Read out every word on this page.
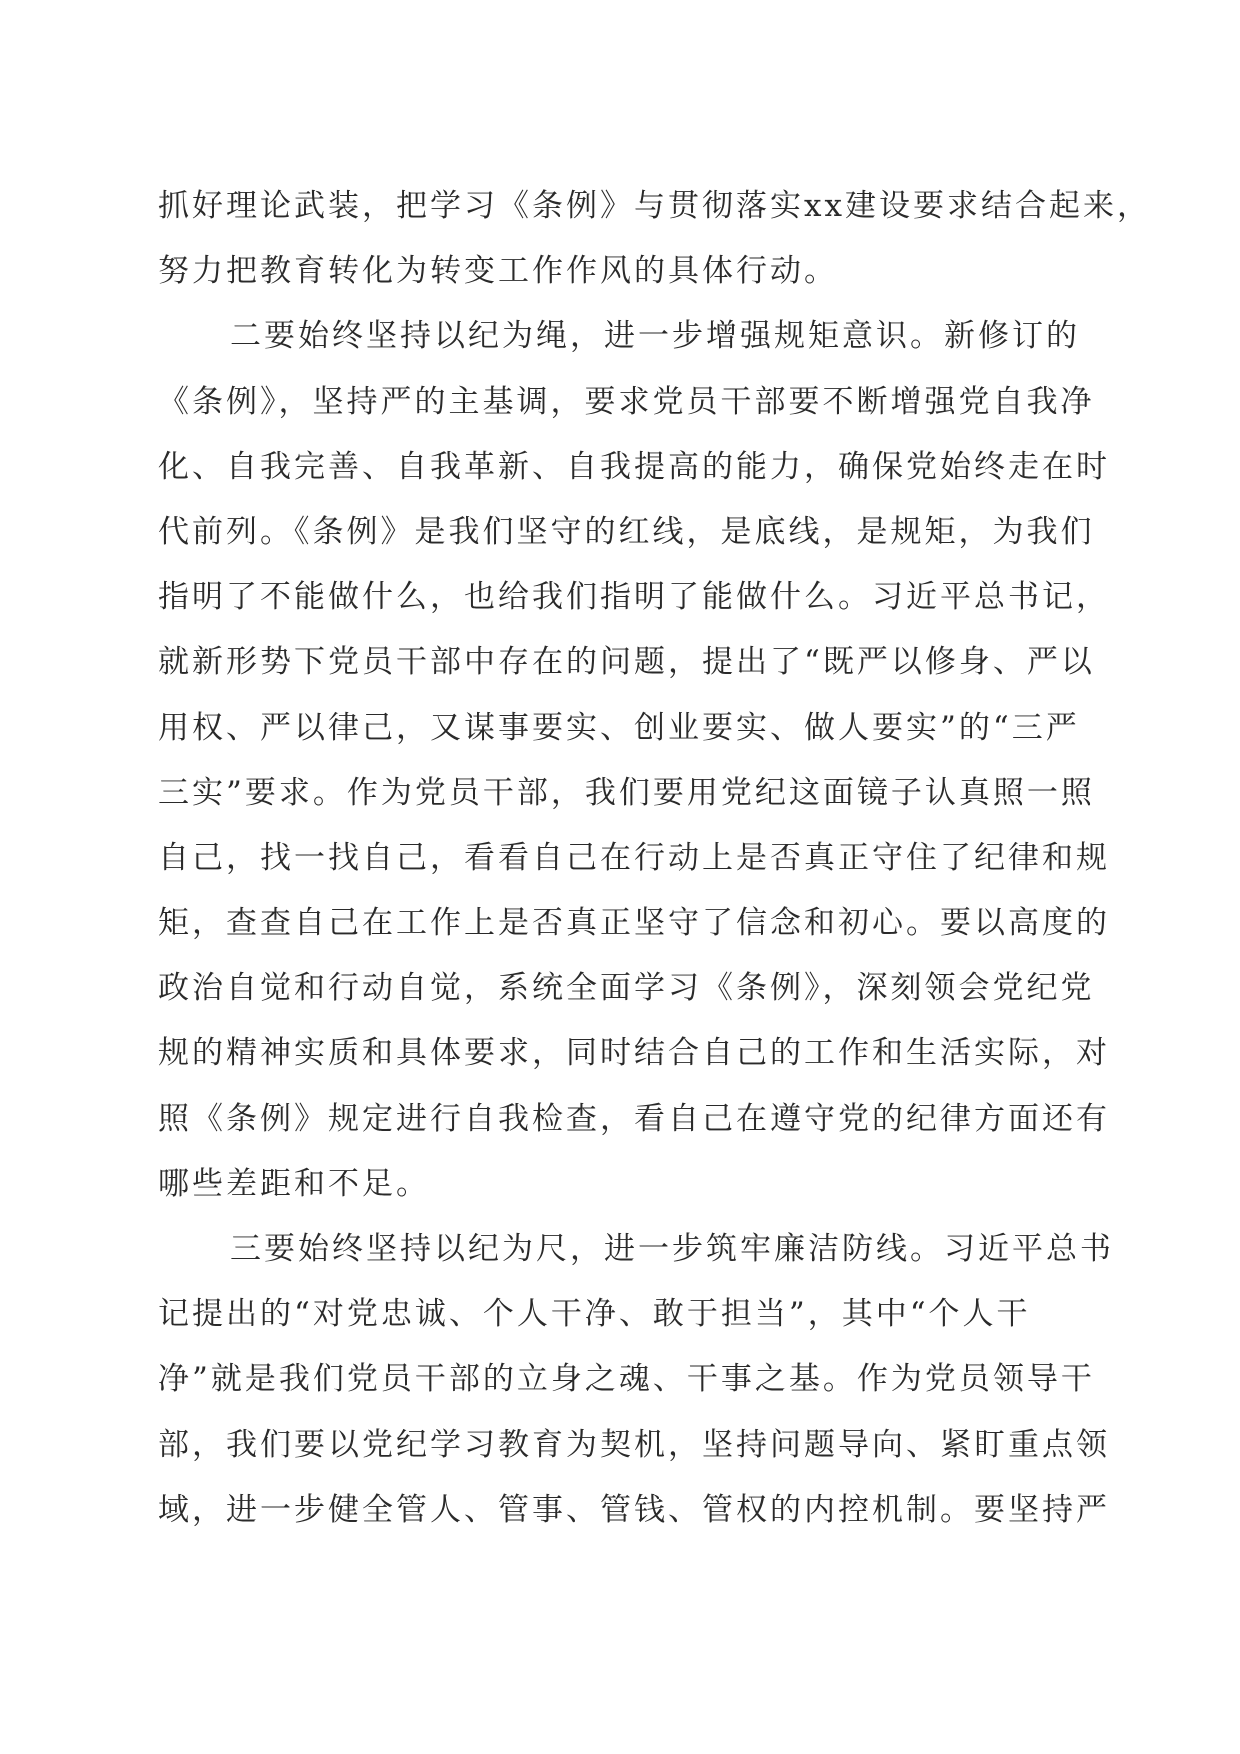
抓好理论武装，把学习《条例》与贯彻落实xx建设要求结合起来，
努力把教育转化为转变工作作风的具体行动。
二要始终坚持以纪为绳，进一步增强规矩意识。新修订的
《条例》，坚持严的主基调，要求党员干部要不断增强党自我净
化、自我完善、自我革新、自我提高的能力，确保党始终走在时
代前列。《条例》是我们坚守的红线，是底线，是规矩，为我们
指明了不能做什么，也给我们指明了能做什么。习近平总书记，
就新形势下党员干部中存在的问题，提出了“既严以修身、严以
用权、严以律己，又谋事要实、创业要实、做人要实”的“三严
三实”要求。作为党员干部，我们要用党纪这面镜子认真照一照
自己，找一找自己，看看自己在行动上是否真正守住了纪律和规
矩，查查自己在工作上是否真正坚守了信念和初心。要以高度的
政治自觉和行动自觉，系统全面学习《条例》，深刻领会党纪党
规的精神实质和具体要求，同时结合自己的工作和生活实际，对
照《条例》规定进行自我检查，看自己在遵守党的纪律方面还有
哪些差距和不足。
三要始终坚持以纪为尺，进一步筑牢廉洁防线。习近平总书
记提出的“对党忠诚、个人干净、敢于担当”，其中“个人干
净”就是我们党员干部的立身之魂、干事之基。作为党员领导干
部，我们要以党纪学习教育为契机，坚持问题导向、紧盯重点领
域，进一步健全管人、管事、管钱、管权的内控机制。要坚持严
